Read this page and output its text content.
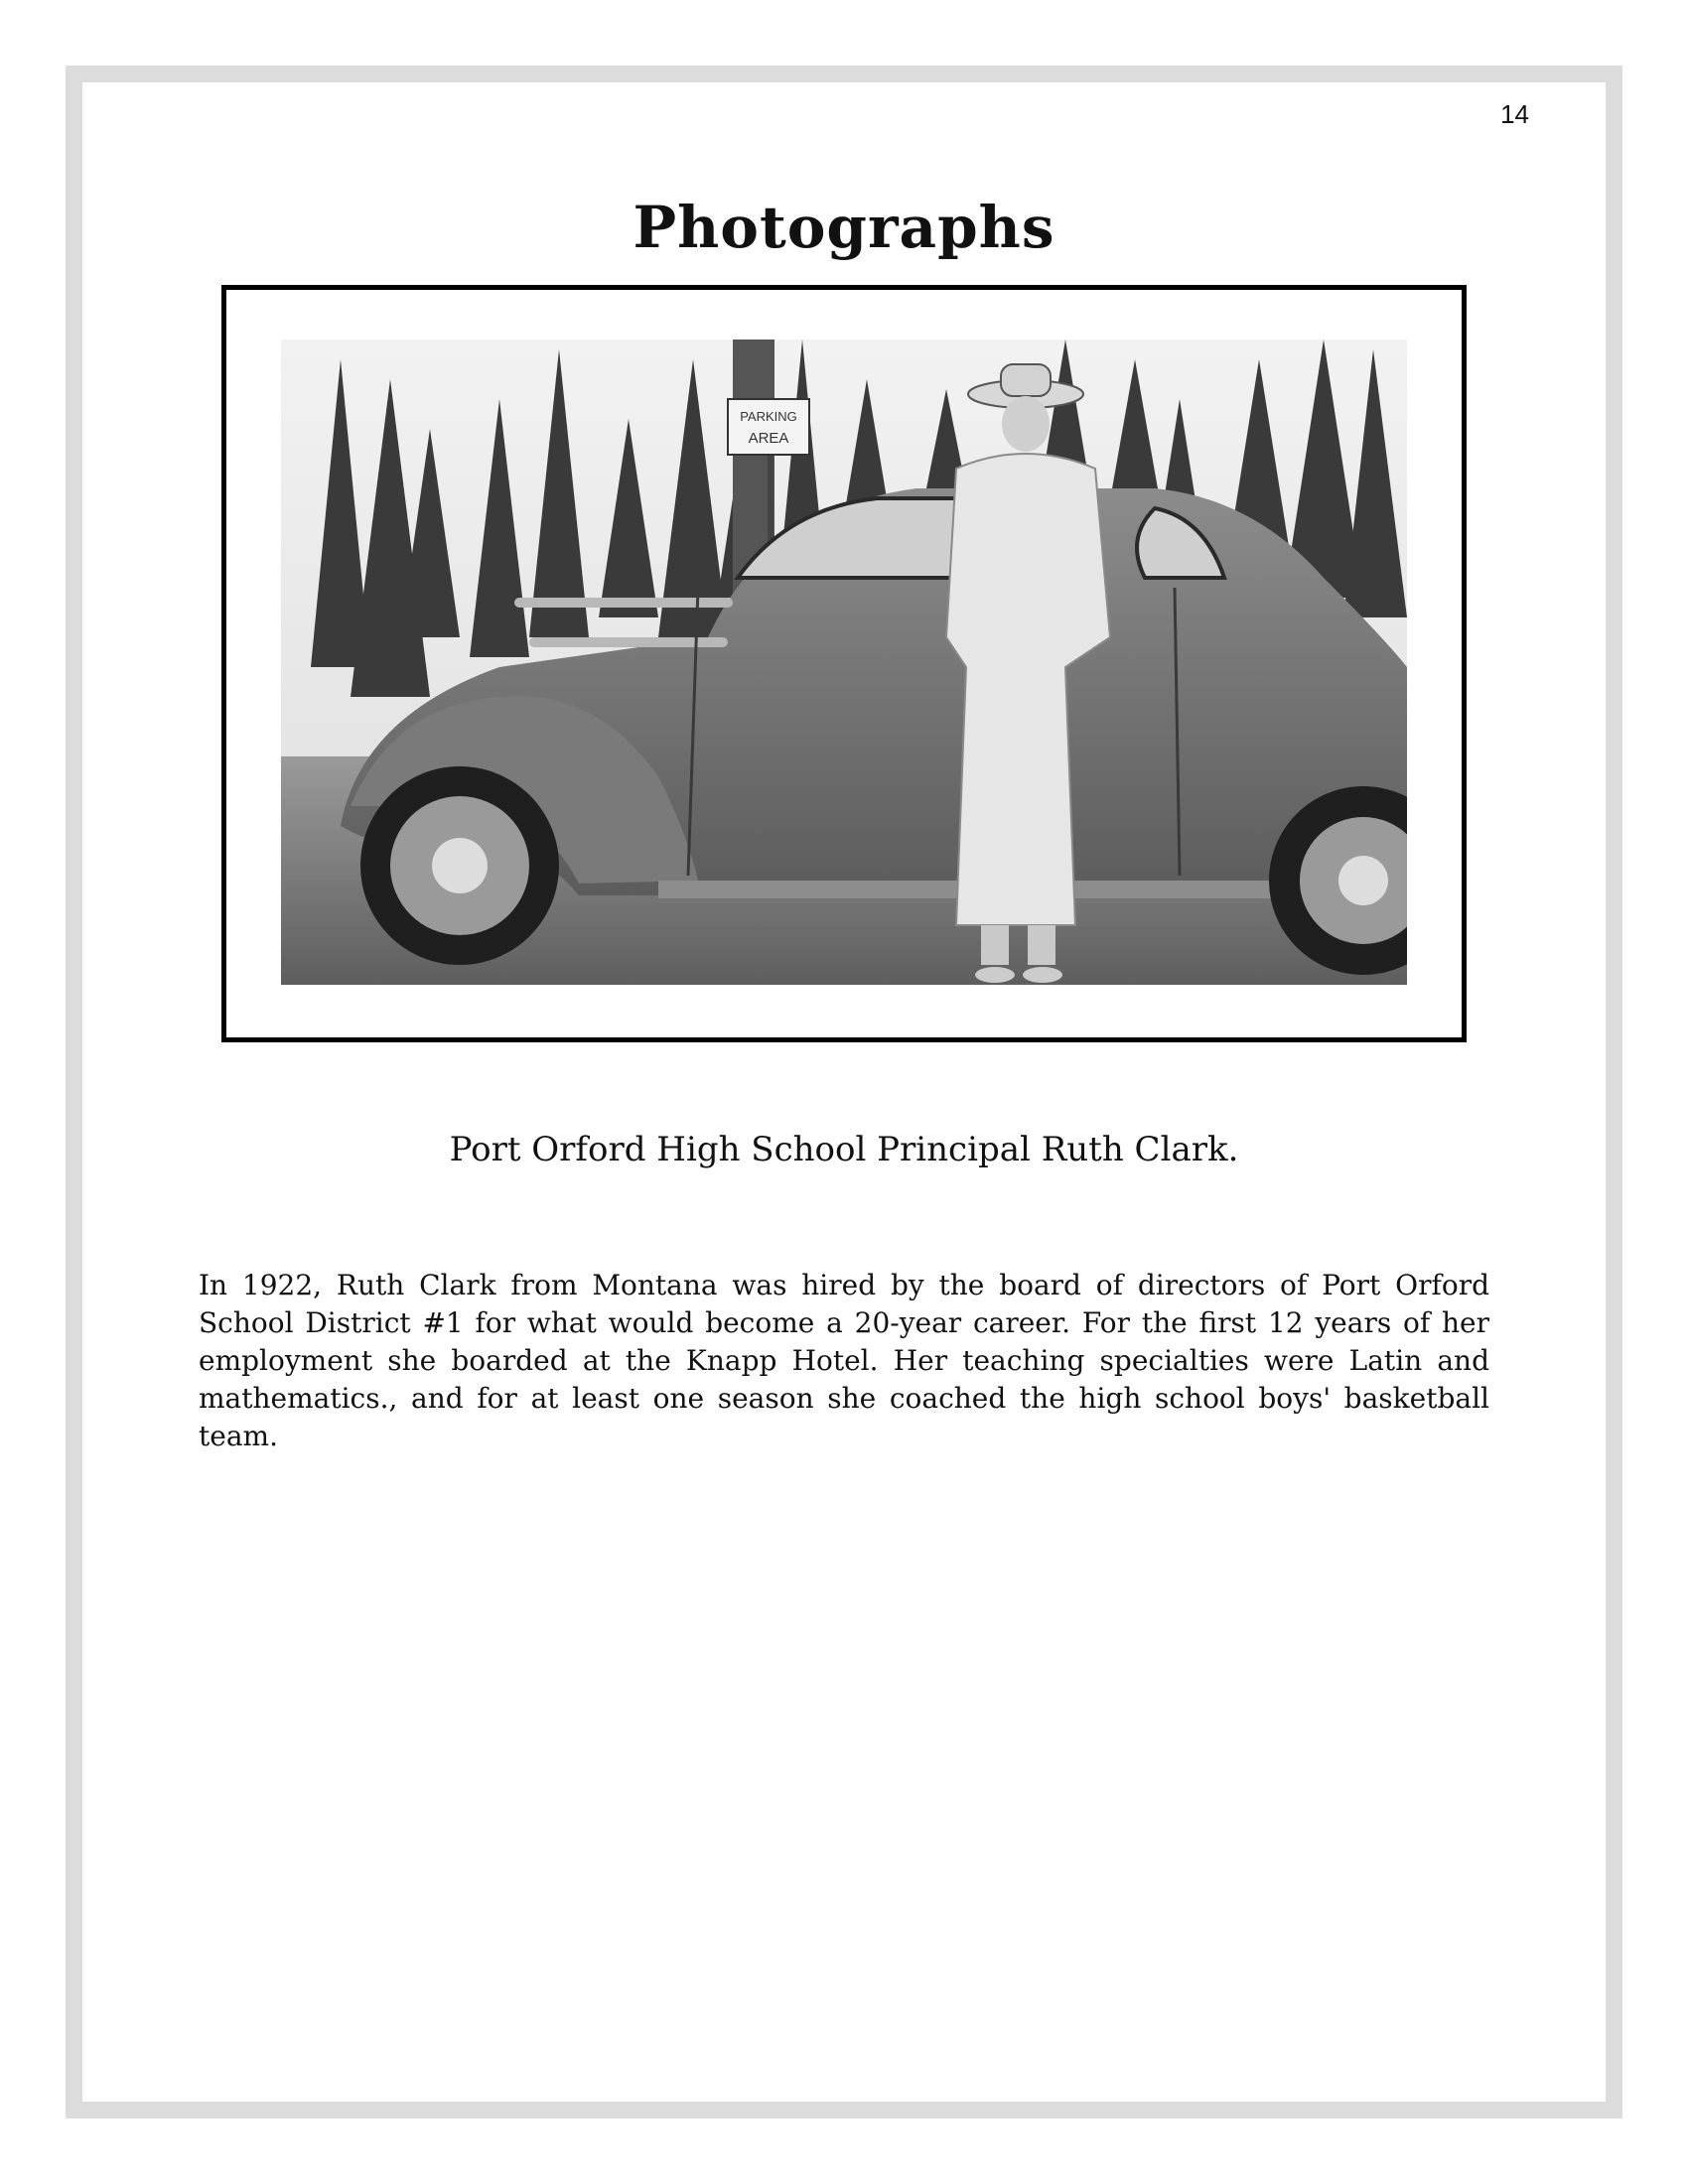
14
Photographs
PARKING
AREA
Port Orford High School Principal Ruth Clark.
In 1922, Ruth Clark from Montana was hired by the board of directors of Port Orford School District #1 for what would become a 20-year career. For the first 12 years of her employment she boarded at the Knapp Hotel. Her teaching specialties were Latin and mathematics., and for at least one season she coached the high school boys' basketball team.
